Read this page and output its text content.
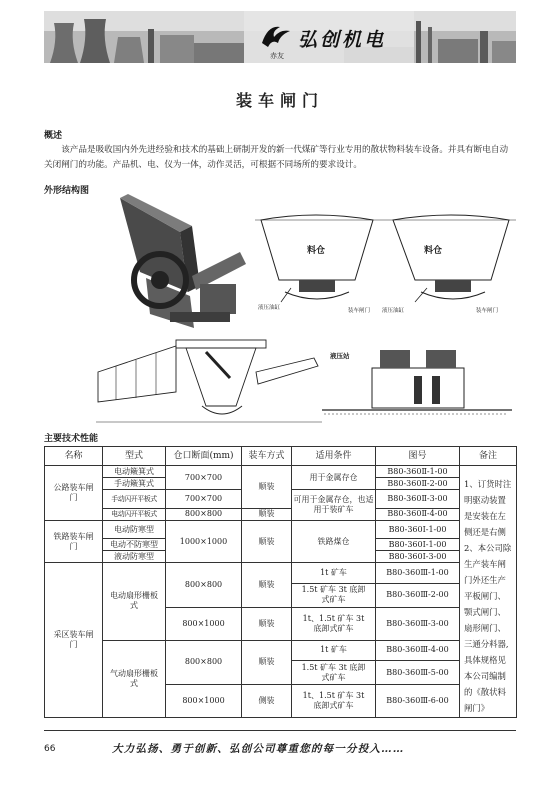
弘创机电
赤友
装车闸门
概述
该产品是吸收国内外先进经验和技术的基础上研制开发的新一代煤矿等行业专用的散状物料装车设备。并具有断电自动关闭闸门的功能。产品机、电、仪为一体，动作灵活，可根据不同场所的要求设计。
外形结构图
料仓	料仓
液压油缸	装车闸门 液压油缸	装车闸门
液压站
主要技术性能
名称	型式	仓口断面(mm)	装车方式	适用条件	图号	备注
公路装车闸门	电动簸箕式	700×700	顺装	用于金属存仓	B80-360Ⅱ-1-00	1、订货时注明驱动装置是安装在左侧还是右侧 2、本公司除生产装车闸门外还生产平板闸门、颚式闸门、扇形闸门、三通分料器,具体规格见本公司编制的《散状料闸门》
	手动簸箕式				B80-360Ⅱ-2-00	
	手动闪开平板式	700×700		可用于金属存仓，也适用于装矿车	B80-360Ⅱ-3-00	
	电动闪开平板式	800×800	顺装		B80-360Ⅱ-4-00	
铁路装车闸门	电动防寒型	1000×1000	顺装	铁路煤仓	B80-360Ⅰ-1-00	
	电动不防寒型				B80-360Ⅰ-1-00	
	液动防寒型				B80-360Ⅰ-3-00	
采区装车闸门	电动扇形栅板式	800×800	顺装	1t 矿车	B80-360Ⅲ-1-00	
				1.5t 矿车 3t 底卸式矿车	B80-360Ⅲ-2-00	
		800×1000	顺装	1t、1.5t 矿车 3t 底卸式矿车	B80-360Ⅲ-3-00	

	气动扇形栅板式	800×800	顺装	1t 矿车	B80-360Ⅲ-4-00	
				1.5t 矿车 3t 底卸式矿车	B80-360Ⅲ-5-00	
		800×1000	侧装	1t、1.5t 矿车 3t 底卸式矿车	B80-360Ⅲ-6-00	

66	大力弘扬、勇于创新、弘创公司尊重您的每一分投入……
